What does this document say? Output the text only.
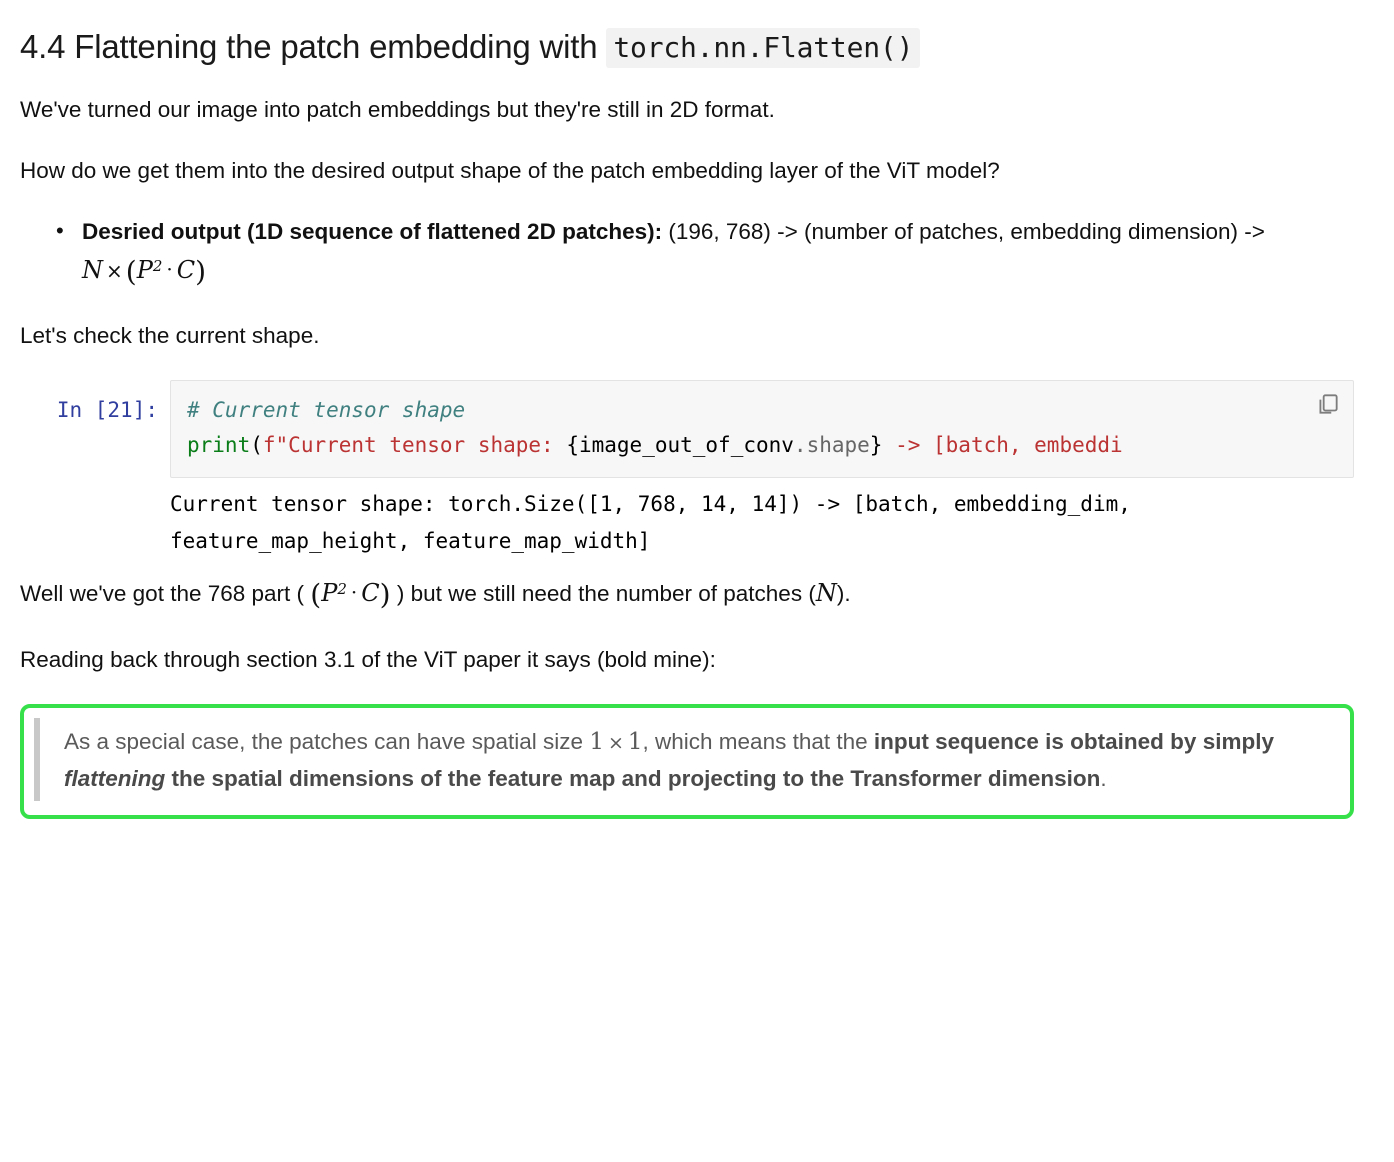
4.4 Flattening the patch embedding with torch.nn.Flatten()

We've turned our image into patch embeddings but they're still in 2D format.

How do we get them into the desired output shape of the patch embedding layer of the ViT model?

• Desried output (1D sequence of flattened 2D patches): (196, 768) -> (number of patches, embedding dimension) -> $N \times (P^2 \cdot C)$

Let's check the current shape.

In [21]:	# Current tensor shape
print(f"Current tensor shape: {image_out_of_conv.shape} -> [batch, embeddi
Current tensor shape: torch.Size([1, 768, 14, 14]) -> [batch, embedding_dim,
feature_map_height, feature_map_width]

Well we've got the 768 part ( $(P^2 \cdot C)$ ) but we still need the number of patches (N).

Reading back through section 3.1 of the ViT paper it says (bold mine):

As a special case, the patches can have spatial size 1 × 1, which means that the input sequence is obtained by simply flattening the spatial dimensions of the feature map and projecting to the Transformer dimension.
